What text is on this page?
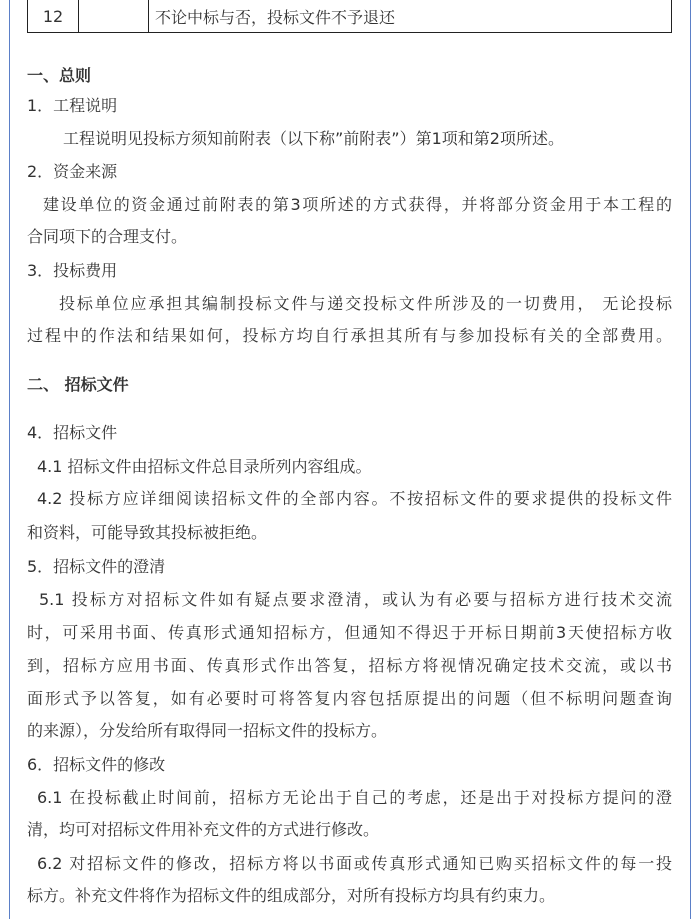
12		不论中标与否，投标文件不予退还
一、总则
1．工程说明
工程说明见投标方须知前附表（以下称”前附表”）第1项和第2项所述。
2．资金来源
建设单位的资金通过前附表的第3项所述的方式获得，并将部分资金用于本工程的
合同项下的合理支付。
3．投标费用
投标单位应承担其编制投标文件与递交投标文件所涉及的一切费用， 无论投标
过程中的作法和结果如何，投标方均自行承担其所有与参加投标有关的全部费用。
二、 招标文件
4．招标文件
4.1 招标文件由招标文件总目录所列内容组成。
4.2 投标方应详细阅读招标文件的全部内容。不按招标文件的要求提供的投标文件
和资料，可能导致其投标被拒绝。
5．招标文件的澄清
5.1 投标方对招标文件如有疑点要求澄清，或认为有必要与招标方进行技术交流
时，可采用书面、传真形式通知招标方，但通知不得迟于开标日期前3天使招标方收
到，招标方应用书面、传真形式作出答复，招标方将视情况确定技术交流，或以书
面形式予以答复，如有必要时可将答复内容包括原提出的问题（但不标明问题查询
的来源），分发给所有取得同一招标文件的投标方。
6．招标文件的修改
6.1 在投标截止时间前，招标方无论出于自己的考虑，还是出于对投标方提问的澄
清，均可对招标文件用补充文件的方式进行修改。
6.2 对招标文件的修改，招标方将以书面或传真形式通知已购买招标文件的每一投
标方。补充文件将作为招标文件的组成部分，对所有投标方均具有约束力。
